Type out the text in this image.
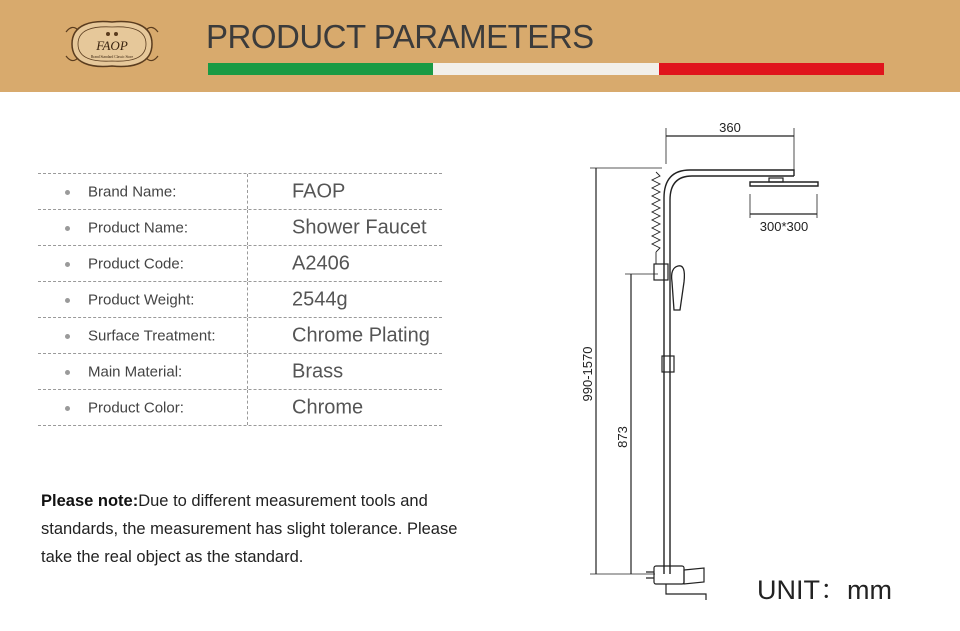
FAOP
Brand Standard Classic Store
PRODUCT PARAMETERS
Brand Name:	FAOP
Product Name:	Shower Faucet
Product Code:	A2406
Product Weight:	2544g
Surface Treatment:	Chrome Plating
Main Material:	Brass
Product Color:	Chrome
Please note:Due to different measurement tools and standards, the measurement has slight tolerance. Please take the real object as the standard.
360
300*300
990-1570
873
UNIT：mm
